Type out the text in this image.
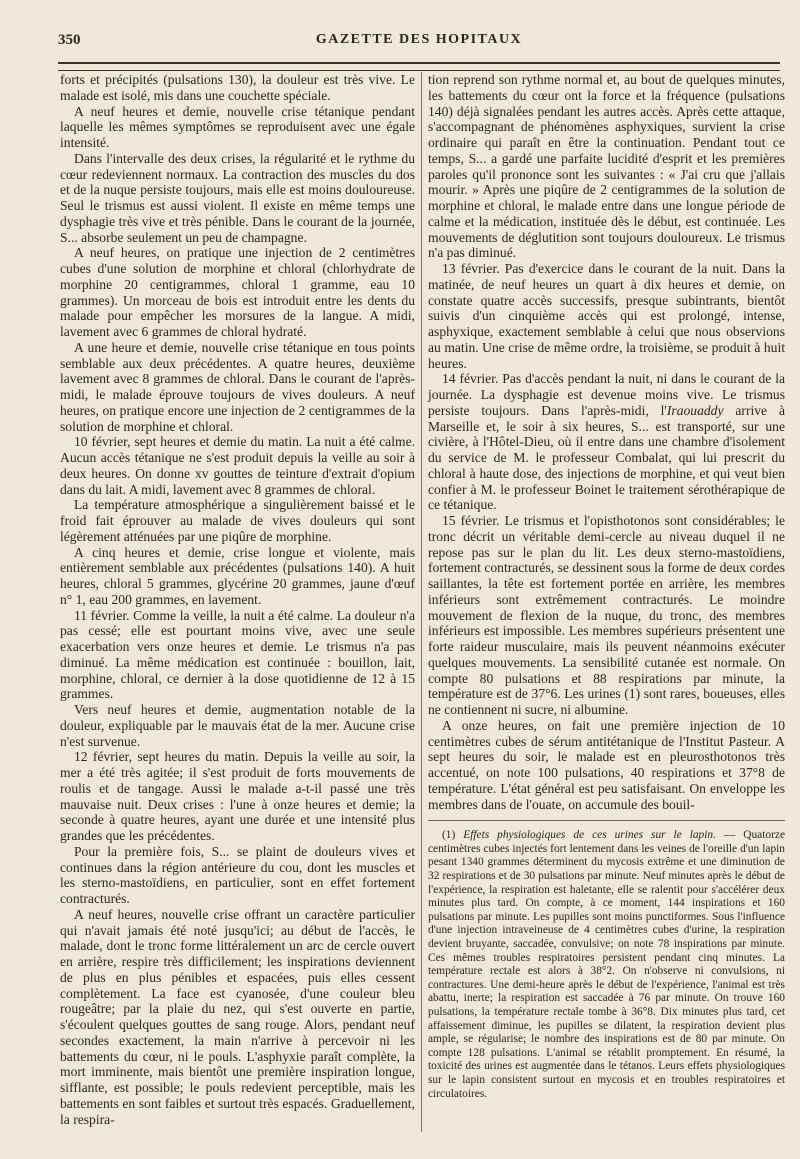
350	GAZETTE DES HOPITAUX

forts et précipités (pulsations 130), la douleur est très vive. Le malade est isolé, mis dans une couchette spéciale.

A neuf heures et demie, nouvelle crise tétanique pendant laquelle les mêmes symptômes se reproduisent avec une égale intensité.

Dans l'intervalle des deux crises, la régularité et le rythme du cœur redeviennent normaux. La contraction des muscles du dos et de la nuque persiste toujours, mais elle est moins douloureuse. Seul le trismus est aussi violent. Il existe en même temps une dysphagie très vive et très pénible. Dans le courant de la journée, S... absorbe seulement un peu de champagne.

A neuf heures, on pratique une injection de 2 centimètres cubes d'une solution de morphine et chloral (chlorhydrate de morphine 20 centigrammes, chloral 1 gramme, eau 10 grammes). Un morceau de bois est introduit entre les dents du malade pour empêcher les morsures de la langue. A midi, lavement avec 6 grammes de chloral hydraté.

A une heure et demie, nouvelle crise tétanique en tous points semblable aux deux précédentes. A quatre heures, deuxième lavement avec 8 grammes de chloral. Dans le courant de l'après-midi, le malade éprouve toujours de vives douleurs. A neuf heures, on pratique encore une injection de 2 centigrammes de la solution de morphine et chloral.

10 février, sept heures et demie du matin. La nuit a été calme. Aucun accès tétanique ne s'est produit depuis la veille au soir à deux heures. On donne xv gouttes de teinture d'extrait d'opium dans du lait. A midi, lavement avec 8 grammes de chloral.

La température atmosphérique a singulièrement baissé et le froid fait éprouver au malade de vives douleurs qui sont légèrement atténuées par une piqûre de morphine.

A cinq heures et demie, crise longue et violente, mais entièrement semblable aux précédentes (pulsations 140). A huit heures, chloral 5 grammes, glycérine 20 grammes, jaune d'œuf n° 1, eau 200 grammes, en lavement.

11 février. Comme la veille, la nuit a été calme. La douleur n'a pas cessé; elle est pourtant moins vive, avec une seule exacerbation vers onze heures et demie. Le trismus n'a pas diminué. La même médication est continuée : bouillon, lait, morphine, chloral, ce dernier à la dose quotidienne de 12 à 15 grammes.

Vers neuf heures et demie, augmentation notable de la douleur, expliquable par le mauvais état de la mer. Aucune crise n'est survenue.

12 février, sept heures du matin. Depuis la veille au soir, la mer a été très agitée; il s'est produit de forts mouvements de roulis et de tangage. Aussi le malade a-t-il passé une très mauvaise nuit. Deux crises : l'une à onze heures et demie; la seconde à quatre heures, ayant une durée et une intensité plus grandes que les précédentes.

Pour la première fois, S... se plaint de douleurs vives et continues dans la région antérieure du cou, dont les muscles et les sterno-mastoïdiens, en particulier, sont en effet fortement contracturés.

A neuf heures, nouvelle crise offrant un caractère particulier qui n'avait jamais été noté jusqu'ici; au début de l'accès, le malade, dont le tronc forme littéralement un arc de cercle ouvert en arrière, respire très difficilement; les inspirations deviennent de plus en plus pénibles et espacées, puis elles cessent complètement. La face est cyanosée, d'une couleur bleu rougeâtre; par la plaie du nez, qui s'est ouverte en partie, s'écoulent quelques gouttes de sang rouge. Alors, pendant neuf secondes exactement, la main n'arrive à percevoir ni les battements du cœur, ni le pouls. L'asphyxie paraît complète, la mort imminente, mais bientôt une première inspiration longue, sifflante, est possible; le pouls redevient perceptible, mais les battements en sont faibles et surtout très espacés. Graduellement, la respira-

tion reprend son rythme normal et, au bout de quelques minutes, les battements du cœur ont la force et la fréquence (pulsations 140) déjà signalées pendant les autres accès. Après cette attaque, s'accompagnant de phénomènes asphyxiques, survient la crise ordinaire qui paraît en être la continuation. Pendant tout ce temps, S... a gardé une parfaite lucidité d'esprit et les premières paroles qu'il prononce sont les suivantes : « J'ai cru que j'allais mourir. » Après une piqûre de 2 centigrammes de la solution de morphine et chloral, le malade entre dans une longue période de calme et la médication, instituée dès le début, est continuée. Les mouvements de déglutition sont toujours douloureux. Le trismus n'a pas diminué.

13 février. Pas d'exercice dans le courant de la nuit. Dans la matinée, de neuf heures un quart à dix heures et demie, on constate quatre accès successifs, presque subintrants, bientôt suivis d'un cinquième accès qui est prolongé, intense, asphyxique, exactement semblable à celui que nous observions au matin. Une crise de même ordre, la troisième, se produit à huit heures.

14 février. Pas d'accès pendant la nuit, ni dans le courant de la journée. La dysphagie est devenue moins vive. Le trismus persiste toujours. Dans l'après-midi, l'Iraouaddy arrive à Marseille et, le soir à six heures, S... est transporté, sur une civière, à l'Hôtel-Dieu, où il entre dans une chambre d'isolement du service de M. le professeur Combalat, qui lui prescrit du chloral à haute dose, des injections de morphine, et qui veut bien confier à M. le professeur Boinet le traitement sérothérapique de ce tétanique.

15 février. Le trismus et l'opisthotonos sont considérables; le tronc décrit un véritable demi-cercle au niveau duquel il ne repose pas sur le plan du lit. Les deux sterno-mastoïdiens, fortement contracturés, se dessinent sous la forme de deux cordes saillantes, la tête est fortement portée en arrière, les membres inférieurs sont extrêmement contracturés. Le moindre mouvement de flexion de la nuque, du tronc, des membres inférieurs est impossible. Les membres supérieurs présentent une forte raideur musculaire, mais ils peuvent néanmoins exécuter quelques mouvements. La sensibilité cutanée est normale. On compte 80 pulsations et 88 respirations par minute, la température est de 37°6. Les urines (1) sont rares, boueuses, elles ne contiennent ni sucre, ni albumine.

A onze heures, on fait une première injection de 10 centimètres cubes de sérum antitétanique de l'Institut Pasteur. A sept heures du soir, le malade est en pleurosthotonos très accentué, on note 100 pulsations, 40 respirations et 37°8 de température. L'état général est peu satisfaisant. On enveloppe les membres dans de l'ouate, on accumule des bouil-

(1) Effets physiologiques de ces urines sur le lapin. — Quatorze centimètres cubes injectés fort lentement dans les veines de l'oreille d'un lapin pesant 1340 grammes déterminent du mycosis extrême et une diminution de 32 respirations et de 30 pulsations par minute. Neuf minutes après le début de l'expérience, la respiration est haletante, elle se ralentit pour s'accélérer deux minutes plus tard. On compte, à ce moment, 144 inspirations et 160 pulsations par minute. Les pupilles sont moins punctiformes. Sous l'influence d'une injection intraveineuse de 4 centimètres cubes d'urine, la respiration devient bruyante, saccadée, convulsive; on note 78 inspirations par minute. Ces mêmes troubles respiratoires persistent pendant cinq minutes. La température rectale est alors à 38°2. On n'observe ni convulsions, ni contractures. Une demi-heure après le début de l'expérience, l'animal est très abattu, inerte; la respiration est saccadée à 76 par minute. On trouve 160 pulsations, la température rectale tombe à 36°8. Dix minutes plus tard, cet affaissement diminue, les pupilles se dilatent, la respiration devient plus ample, se régularise; le nombre des inspirations est de 80 par minute. On compte 128 pulsations. L'animal se rétablit promptement. En résumé, la toxicité des urines est augmentée dans le tétanos. Leurs effets physiologiques sur le lapin consistent surtout en mycosis et en troubles respiratoires et circulatoires.
